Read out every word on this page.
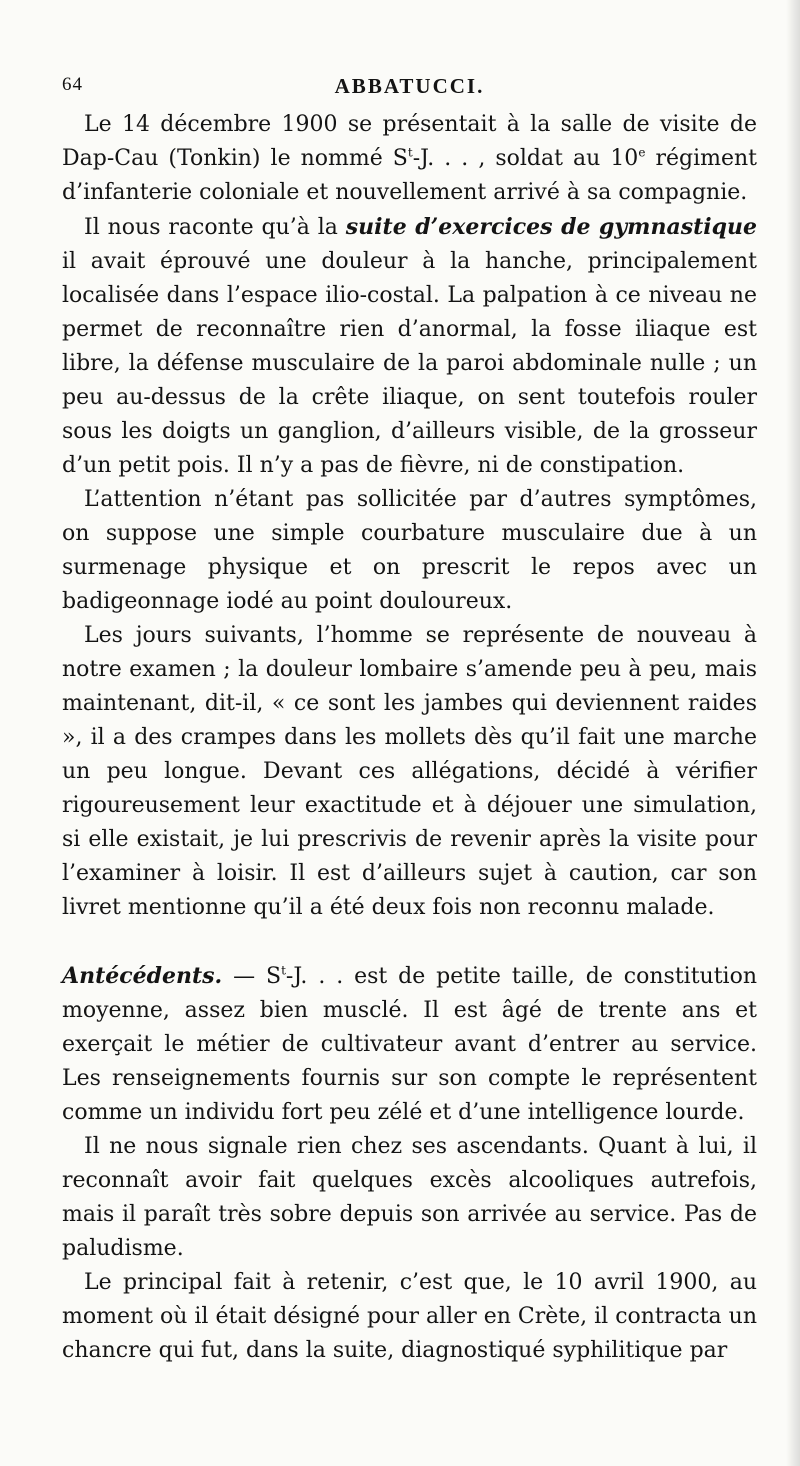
64	ABBATUCCI.

Le 14 décembre 1900 se présentait à la salle de visite de Dap-Cau (Tonkin) le nommé $S^t-J$. . . , soldat au 10e régiment d’infanterie coloniale et nouvellement arrivé à sa compagnie.

Il nous raconte qu’à la suite d’exercices de gymnastique il avait éprouvé une douleur à la hanche, principalement localisée dans l’espace ilio-costal. La palpation à ce niveau ne permet de reconnaître rien d’anormal, la fosse iliaque est libre, la défense musculaire de la paroi abdominale nulle ; un peu au-dessus de la crête iliaque, on sent toutefois rouler sous les doigts un ganglion, d’ailleurs visible, de la grosseur d’un petit pois. Il n’y a pas de fièvre, ni de constipation.

L’attention n’étant pas sollicitée par d’autres symptômes, on suppose une simple courbature musculaire due à un surmenage physique et on prescrit le repos avec un badigeonnage iodé au point douloureux.

Les jours suivants, l’homme se représente de nouveau à notre examen ; la douleur lombaire s’amende peu à peu, mais maintenant, dit-il, « ce sont les jambes qui deviennent raides », il a des crampes dans les mollets dès qu’il fait une marche un peu longue. Devant ces allégations, décidé à vérifier rigoureusement leur exactitude et à déjouer une simulation, si elle existait, je lui prescrivis de revenir après la visite pour l’examiner à loisir. Il est d’ailleurs sujet à caution, car son livret mentionne qu’il a été deux fois non reconnu malade.

Antécédents. — $S^t-J$. . . est de petite taille, de constitution moyenne, assez bien musclé. Il est âgé de trente ans et exerçait le métier de cultivateur avant d’entrer au service. Les renseignements fournis sur son compte le représentent comme un individu fort peu zélé et d’une intelligence lourde.

Il ne nous signale rien chez ses ascendants. Quant à lui, il reconnaît avoir fait quelques excès alcooliques autrefois, mais il paraît très sobre depuis son arrivée au service. Pas de paludisme.

Le principal fait à retenir, c’est que, le 10 avril 1900, au moment où il était désigné pour aller en Crète, il contracta un chancre qui fut, dans la suite, diagnostiqué syphilitique par
